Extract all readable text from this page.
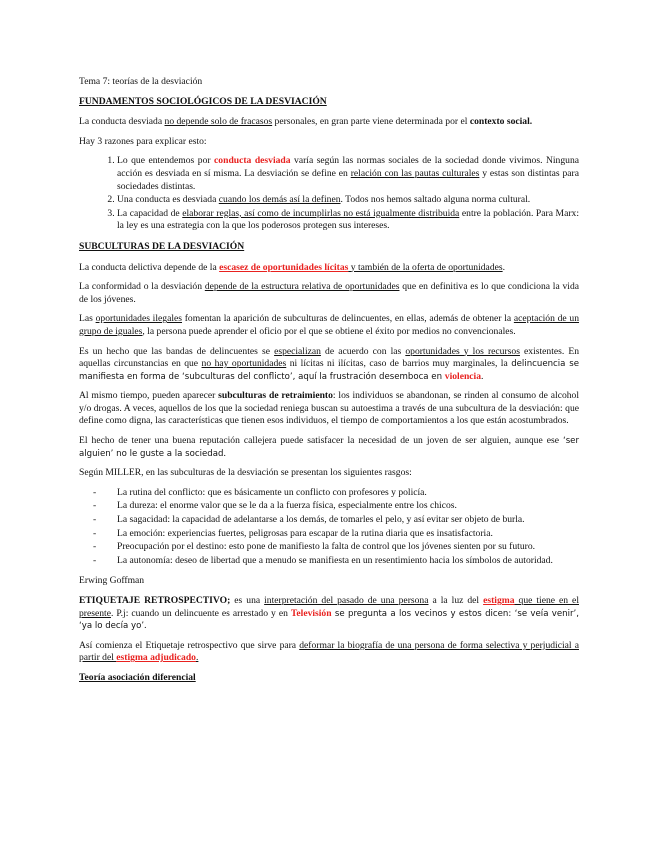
Tema 7: teorías de la desviación

FUNDAMENTOS SOCIOLÓGICOS DE LA DESVIACIÓN

La conducta desviada no depende solo de fracasos personales, en gran parte viene determinada por el contexto social.

Hay 3 razones para explicar esto:

1. Lo que entendemos por conducta desviada varía según las normas sociales de la sociedad donde vivimos. Ninguna acción es desviada en sí misma. La desviación se define en relación con las pautas culturales y estas son distintas para sociedades distintas.
2. Una conducta es desviada cuando los demás así la definen. Todos nos hemos saltado alguna norma cultural.
3. La capacidad de elaborar reglas, así como de incumplirlas no está igualmente distribuida entre la población. Para Marx: la ley es una estrategia con la que los poderosos protegen sus intereses.

SUBCULTURAS DE LA DESVIACIÓN

La conducta delictiva depende de la escasez de oportunidades lícitas y también de la oferta de oportunidades.

La conformidad o la desviación depende de la estructura relativa de oportunidades que en definitiva es lo que condiciona la vida de los jóvenes.

Las oportunidades ilegales fomentan la aparición de subculturas de delincuentes, en ellas, además de obtener la aceptación de un grupo de iguales, la persona puede aprender el oficio por el que se obtiene el éxito por medios no convencionales.

Es un hecho que las bandas de delincuentes se especializan de acuerdo con las oportunidades y los recursos existentes. En aquellas circunstancias en que no hay oportunidades ni lícitas ni ilícitas, caso de barrios muy marginales, la delincuencia se manifiesta en forma de ‘subculturas del conflicto’, aquí la frustración desemboca en violencia.

Al mismo tiempo, pueden aparecer subculturas de retraimiento: los individuos se abandonan, se rinden al consumo de alcohol y/o drogas. A veces, aquellos de los que la sociedad reniega buscan su autoestima a través de una subcultura de la desviación: que define como digna, las características que tienen esos individuos, el tiempo de comportamientos a los que están acostumbrados.

El hecho de tener una buena reputación callejera puede satisfacer la necesidad de un joven de ser alguien, aunque ese ‘ser alguien’ no le guste a la sociedad.

Según MILLER, en las subculturas de la desviación se presentan los siguientes rasgos:

- La rutina del conflicto: que es básicamente un conflicto con profesores y policía.
- La dureza: el enorme valor que se le da a la fuerza física, especialmente entre los chicos.
- La sagacidad: la capacidad de adelantarse a los demás, de tomarles el pelo, y así evitar ser objeto de burla.
- La emoción: experiencias fuertes, peligrosas para escapar de la rutina diaria que es insatisfactoria.
- Preocupación por el destino: esto pone de manifiesto la falta de control que los jóvenes sienten por su futuro.
- La autonomía: deseo de libertad que a menudo se manifiesta en un resentimiento hacia los símbolos de autoridad.

Erwing Goffman

ETIQUETAJE RETROSPECTIVO; es una interpretación del pasado de una persona a la luz del estigma que tiene en el presente. P.j: cuando un delincuente es arrestado y en Televisión se pregunta a los vecinos y estos dicen: ‘se veía venir’, ‘ya lo decía yo’.

Así comienza el Etiquetaje retrospectivo que sirve para deformar la biografía de una persona de forma selectiva y perjudicial a partir del estigma adjudicado.

Teoría asociación diferencial
